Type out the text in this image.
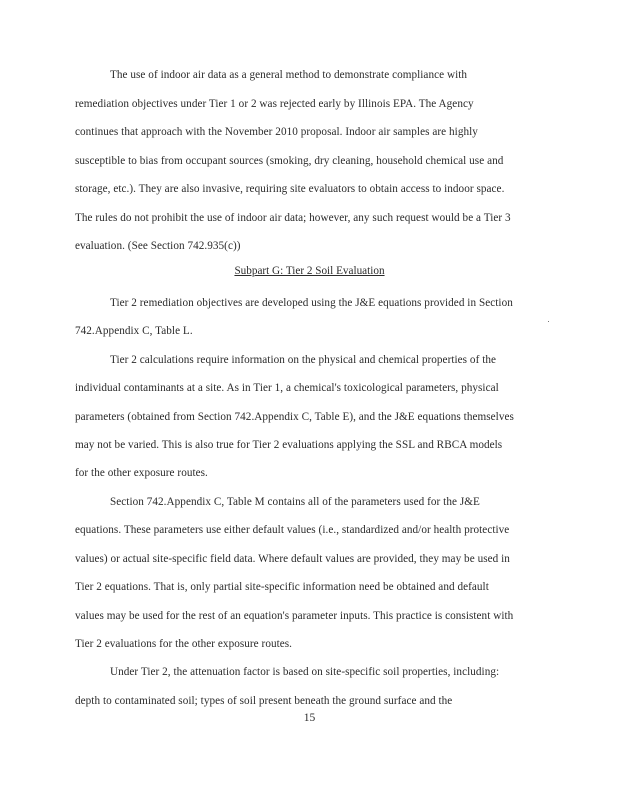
The use of indoor air data as a general method to demonstrate compliance with
remediation objectives under Tier 1 or 2 was rejected early by Illinois EPA. The Agency
continues that approach with the November 2010 proposal. Indoor air samples are highly
susceptible to bias from occupant sources (smoking, dry cleaning, household chemical use and
storage, etc.). They are also invasive, requiring site evaluators to obtain access to indoor space.
The rules do not prohibit the use of indoor air data; however, any such request would be a Tier 3
evaluation. (See Section 742.935(c))
Subpart G: Tier 2 Soil Evaluation
Tier 2 remediation objectives are developed using the J&E equations provided in Section
742.Appendix C, Table L.
Tier 2 calculations require information on the physical and chemical properties of the
individual contaminants at a site. As in Tier 1, a chemical's toxicological parameters, physical
parameters (obtained from Section 742.Appendix C, Table E), and the J&E equations themselves
may not be varied. This is also true for Tier 2 evaluations applying the SSL and RBCA models
for the other exposure routes.
Section 742.Appendix C, Table M contains all of the parameters used for the J&E
equations. These parameters use either default values (i.e., standardized and/or health protective
values) or actual site-specific field data. Where default values are provided, they may be used in
Tier 2 equations. That is, only partial site-specific information need be obtained and default
values may be used for the rest of an equation's parameter inputs. This practice is consistent with
Tier 2 evaluations for the other exposure routes.
Under Tier 2, the attenuation factor is based on site-specific soil properties, including:
depth to contaminated soil; types of soil present beneath the ground surface and the
15
